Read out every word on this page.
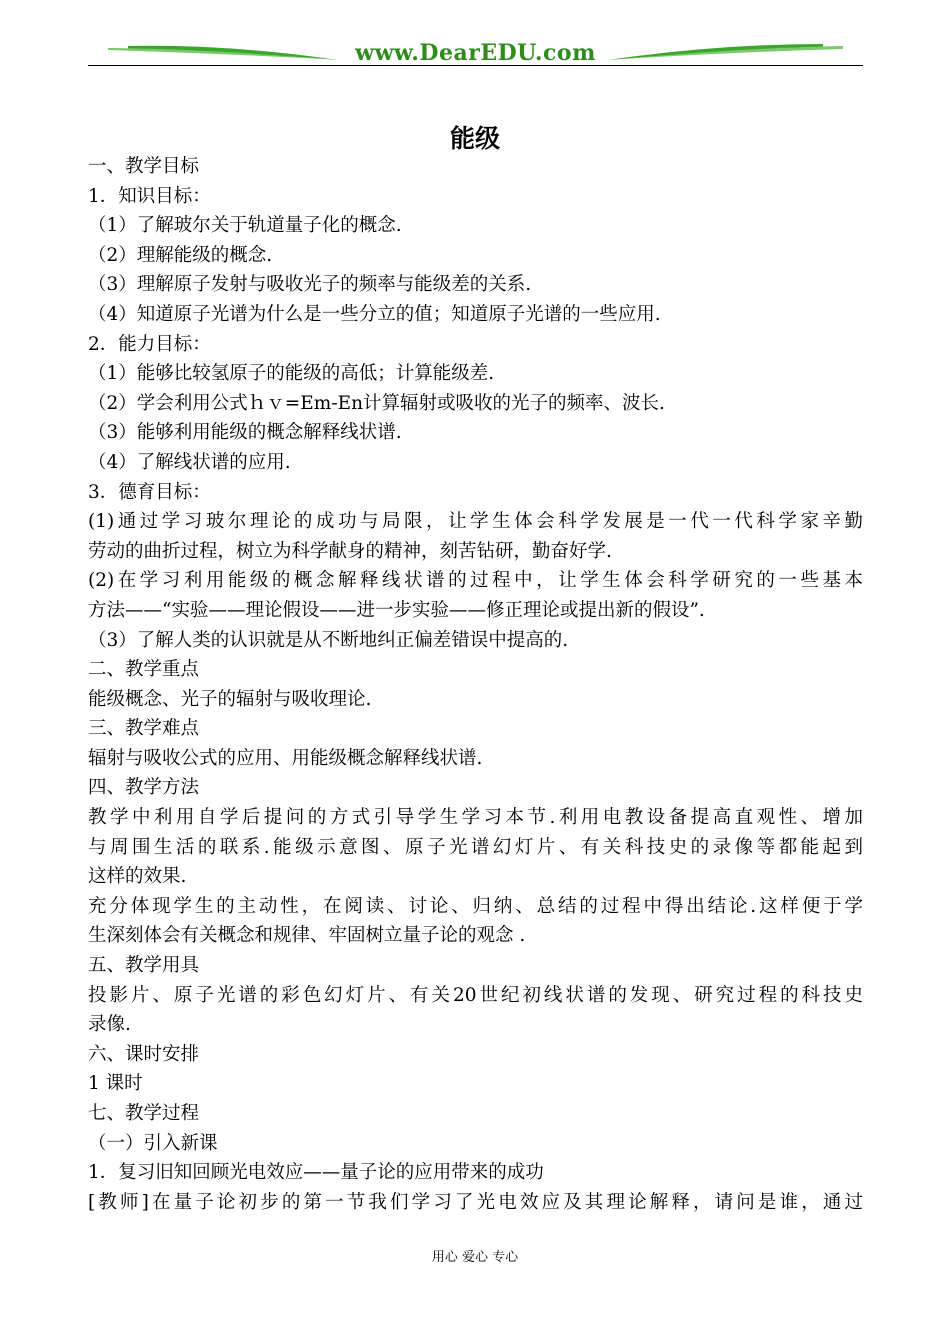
www.DearEDU.com
能级
一、教学目标
1．知识目标：
（1）了解玻尔关于轨道量子化的概念.
（2）理解能级的概念.
（3）理解原子发射与吸收光子的频率与能级差的关系.
（4）知道原子光谱为什么是一些分立的值；知道原子光谱的一些应用.
2．能力目标：
（1）能够比较氢原子的能级的高低；计算能级差.
（2）学会利用公式ｈｖ=Em-En计算辐射或吸收的光子的频率、波长.
（3）能够利用能级的概念解释线状谱.
（4）了解线状谱的应用.
3．德育目标：
(1)通过学习玻尔理论的成功与局限，让学生体会科学发展是一代一代科学家辛勤
劳动的曲折过程，树立为科学献身的精神，刻苦钻研，勤奋好学.
(2)在学习利用能级的概念解释线状谱的过程中，让学生体会科学研究的一些基本
方法——“实验——理论假设——进一步实验——修正理论或提出新的假设”.
（3）了解人类的认识就是从不断地纠正偏差错误中提高的.
二、教学重点
能级概念、光子的辐射与吸收理论.
三、教学难点
辐射与吸收公式的应用、用能级概念解释线状谱.
四、教学方法
教学中利用自学后提问的方式引导学生学习本节.利用电教设备提高直观性、增加
与周围生活的联系.能级示意图、原子光谱幻灯片、有关科技史的录像等都能起到
这样的效果.
充分体现学生的主动性，在阅读、讨论、归纳、总结的过程中得出结论.这样便于学
生深刻体会有关概念和规律、牢固树立量子论的观念 .
五、教学用具
投影片、原子光谱的彩色幻灯片、有关20世纪初线状谱的发现、研究过程的科技史
录像.
六、课时安排
1 课时
七、教学过程
（一）引入新课
1．复习旧知回顾光电效应——量子论的应用带来的成功
[教师]在量子论初步的第一节我们学习了光电效应及其理论解释，请问是谁，通过
用心 爱心 专心
